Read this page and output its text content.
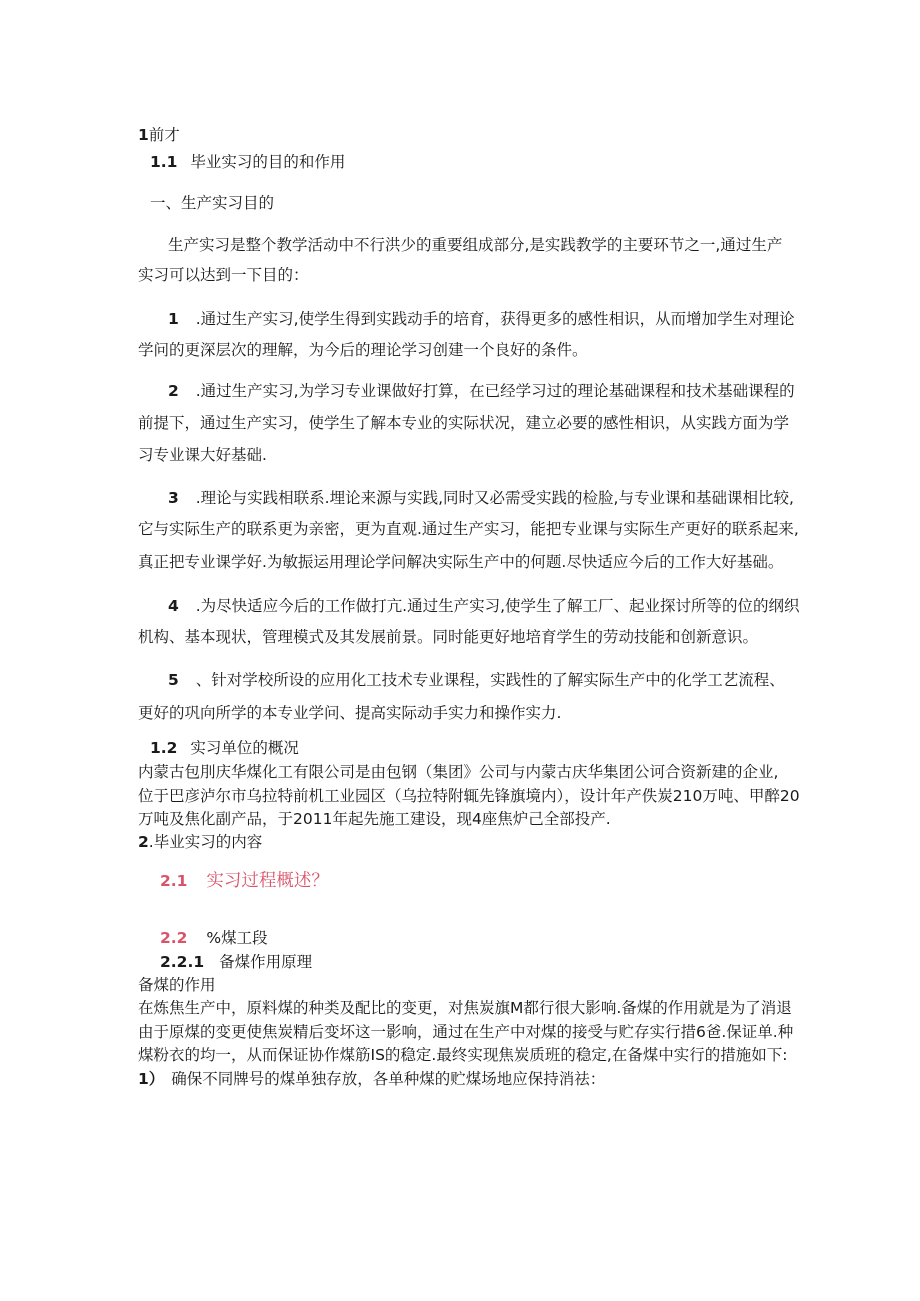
1前才
1.1 毕业实习的目的和作用
一、生产实习目的
生产实习是整个教学活动中不行洪少的重要组成部分,是实践教学的主要环节之一,通过生产
实习可以达到一下目的：
1 .通过生产实习,使学生得到实践动手的培育，获得更多的感性相识，从而增加学生对理论
学问的更深层次的理解，为今后的理论学习创建一个良好的条件。
2 .通过生产实习,为学习专业课做好打算，在已经学习过的理论基础课程和技术基础课程的
前提下，通过生产实习，使学生了解本专业的实际状况，建立必要的感性相识，从实践方面为学
习专业课大好基础.
3 .理论与实践相联系.埋论来源与实践,同时又必需受实践的检脸,与专业课和基础课相比较,
它与实际生产的联系更为亲密，更为直观.通过生产实习，能把专业课与实际生产更好的联系起来,
真正把专业课学好.为敏振运用理论学问解决实际生产中的何题.尽快适应今后的工作大好基础。
4 .为尽快适应今后的工作做打亢.通过生产实习,使学生了解工厂、起业探讨所等的位的纲织
机构、基本现状，管理模式及其发展前景。同时能更好地培育学生的劳动技能和创新意识。
5 、针对学校所设的应用化工技术专业课程，实践性的了解实际生产中的化学工艺流程、
更好的巩向所学的本专业学问、提高实际动手实力和操作实力.
1.2 实习单位的概况
内蒙古包刖庆华煤化工有限公司是由包钢（集团》公司与内蒙古庆华集团公诃合资新建的企业,
位于巴彦泸尔市乌拉特前机工业园区（乌拉特附辄先锋旗境内），设计年产佚炭210万吨、甲醉20
万吨及焦化副产品，于2011年起先施工建设，现4座焦炉己全部投产.
2.毕业实习的内容
2.1 实习过程概述？
2.2 %煤工段
2.2.1 备煤作用原理
备煤的作用
在炼焦生产中，原料煤的种类及配比的变更，对焦炭旗M都行很大影响.备煤的作用就是为了消退
由于原煤的变更使焦炭精后变坏这一影响，通过在生产中对煤的接受与贮存实行措6爸.保证单.种
煤粉衣的均一，从而保证协作煤筋IS的稳定.最终实现焦炭质班的稳定,在备煤中实行的措施如下:
1） 确保不同牌号的煤单独存放，各单种煤的贮煤场地应保持消祛：
